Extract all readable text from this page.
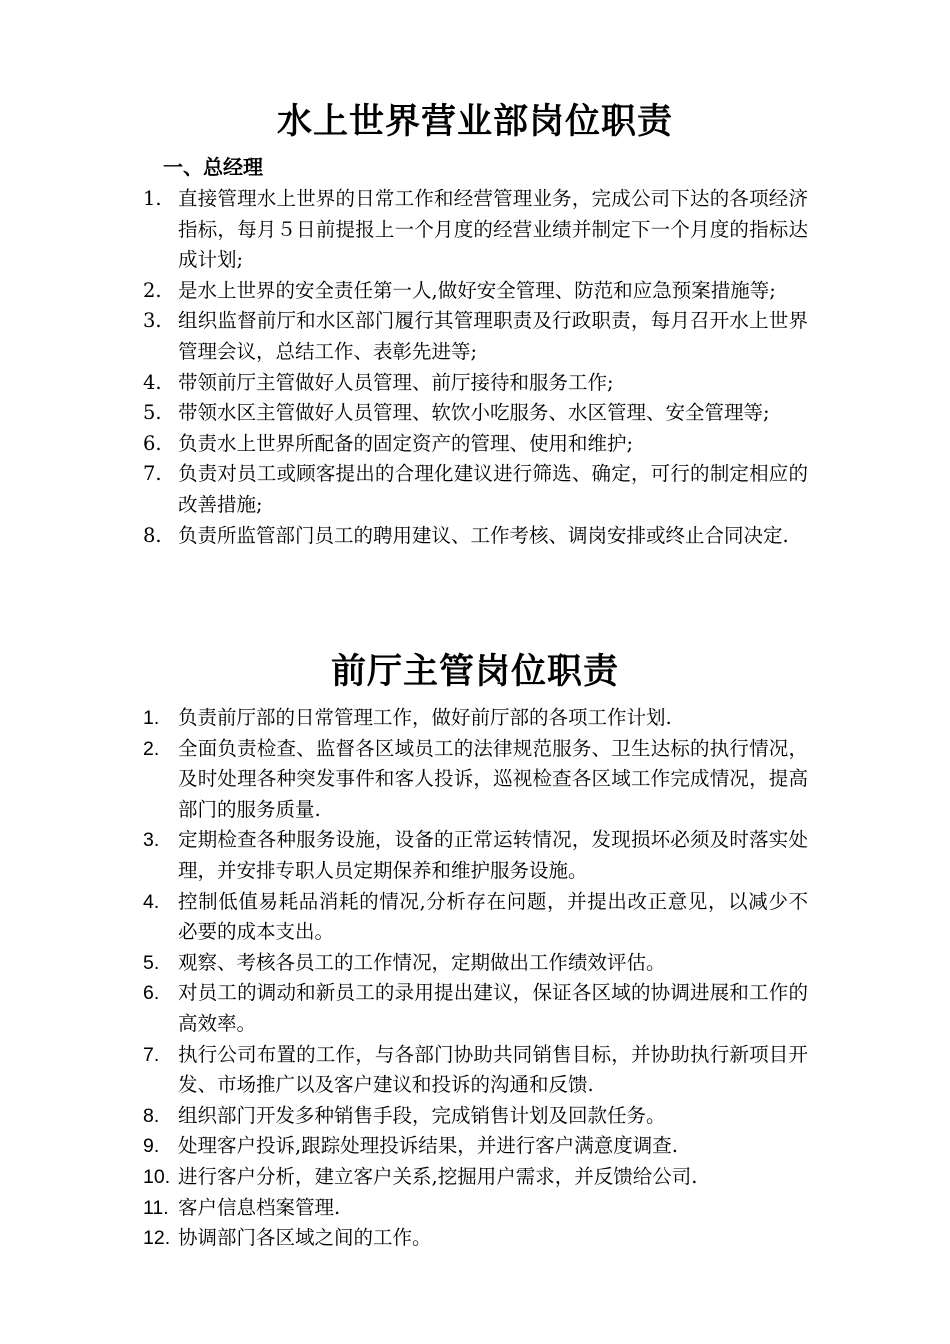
水上世界营业部岗位职责
一、总经理
1. 直接管理水上世界的日常工作和经营管理业务，完成公司下达的各项经济指标，每月５日前提报上一个月度的经营业绩并制定下一个月度的指标达成计划;
2. 是水上世界的安全责任第一人,做好安全管理、防范和应急预案措施等;
3. 组织监督前厅和水区部门履行其管理职责及行政职责，每月召开水上世界管理会议，总结工作、表彰先进等;
4. 带领前厅主管做好人员管理、前厅接待和服务工作;
5. 带领水区主管做好人员管理、软饮小吃服务、水区管理、安全管理等;
6. 负责水上世界所配备的固定资产的管理、使用和维护;
7. 负责对员工或顾客提出的合理化建议进行筛选、确定，可行的制定相应的改善措施;
8. 负责所监管部门员工的聘用建议、工作考核、调岗安排或终止合同决定.
前厅主管岗位职责
1. 负责前厅部的日常管理工作，做好前厅部的各项工作计划.
2. 全面负责检查、监督各区域员工的法律规范服务、卫生达标的执行情况，及时处理各种突发事件和客人投诉，巡视检查各区域工作完成情况，提高部门的服务质量.
3. 定期检查各种服务设施，设备的正常运转情况，发现损坏必须及时落实处理，并安排专职人员定期保养和维护服务设施。
4. 控制低值易耗品消耗的情况,分析存在问题，并提出改正意见，以减少不必要的成本支出。
5. 观察、考核各员工的工作情况，定期做出工作绩效评估。
6. 对员工的调动和新员工的录用提出建议，保证各区域的协调进展和工作的高效率。
7. 执行公司布置的工作，与各部门协助共同销售目标，并协助执行新项目开发、市场推广以及客户建议和投诉的沟通和反馈.
8. 组织部门开发多种销售手段，完成销售计划及回款任务。
9. 处理客户投诉,跟踪处理投诉结果，并进行客户满意度调查.
10. 进行客户分析，建立客户关系,挖掘用户需求，并反馈给公司.
11. 客户信息档案管理.
12. 协调部门各区域之间的工作。
